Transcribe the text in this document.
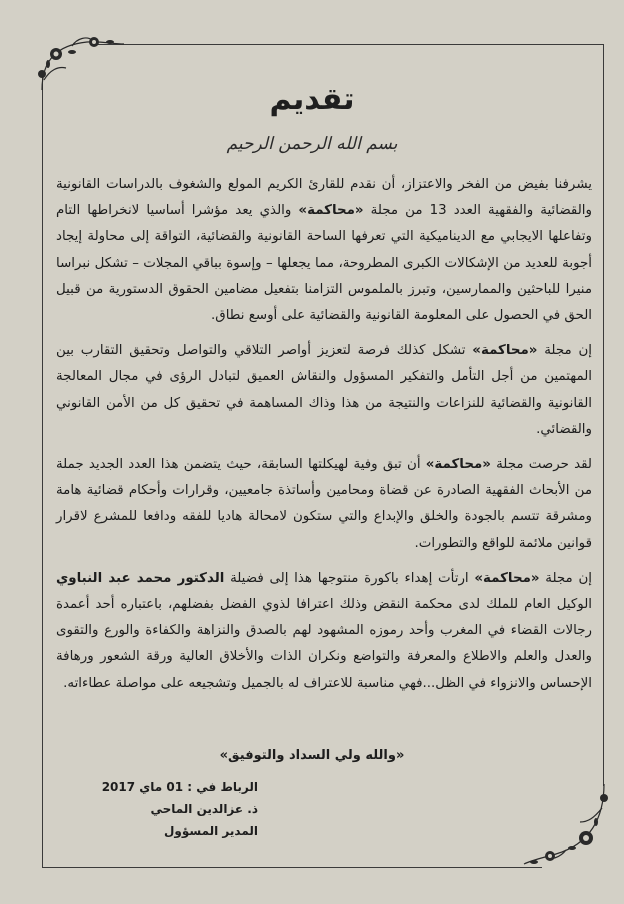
تقديم
بسم الله الرحمن الرحيم

يشرفنا بفيض من الفخر والاعتزاز، أن نقدم للقارئ الكريم المولع والشغوف بالدراسات القانونية والقضائية والفقهية العدد 13 من مجلة «محاكمة» والذي يعد مؤشرا أساسيا لانخراطها التام وتفاعلها الايجابي مع الديناميكية التي تعرفها الساحة القانونية والقضائية، التواقة إلى محاولة إيجاد أجوبة للعديد من الإشكالات الكبرى المطروحة، مما يجعلها – وإسوة بباقي المجلات – تشكل نبراسا منيرا للباحثين والممارسين، وتبرز بالملموس التزامنا بتفعيل مضامين الحقوق الدستورية من قبيل الحق في الحصول على المعلومة القانونية والقضائية على أوسع نطاق.

إن مجلة «محاكمة» تشكل كذلك فرصة لتعزيز أواصر التلاقي والتواصل وتحقيق التقارب بين المهتمين من أجل التأمل والتفكير المسؤول والنقاش العميق لتبادل الرؤى في مجال المعالجة القانونية والقضائية للنزاعات والنتيجة من هذا وذاك المساهمة في تحقيق كل من الأمن القانوني والقضائي.

لقد حرصت مجلة «محاكمة» أن تبق وفية لهيكلتها السابقة، حيث يتضمن هذا العدد الجديد جملة من الأبحاث الفقهية الصادرة عن قضاة ومحامين وأساتذة جامعيين، وقرارات وأحكام قضائية هامة ومشرقة تتسم بالجودة والخلق والإبداع والتي ستكون لامحالة هاديا للفقه ودافعا للمشرع لاقرار قوانين ملائمة للواقع والتطورات.

إن مجلة «محاكمة» ارتأت إهداء باكورة منتوجها هذا إلى فضيلة الدكتور محمد عبد النباوي الوكيل العام للملك لدى محكمة النقض وذلك اعترافا لذوي الفضل بفضلهم، باعتباره أحد أعمدة رجالات القضاء في المغرب وأحد رموزه المشهود لهم بالصدق والنزاهة والكفاءة والورع والتقوى والعدل والعلم والاطلاع والمعرفة والتواضع ونكران الذات والأخلاق العالية ورقة الشعور ورهافة الإحساس والانزواء في الظل...فهي مناسبة للاعتراف له بالجميل وتشجيعه على مواصلة عطاءاته.

«والله ولي السداد والتوفيق»
الرباط في : 01 ماي 2017
ذ. عزالدين الماحي
المدير المسؤول
